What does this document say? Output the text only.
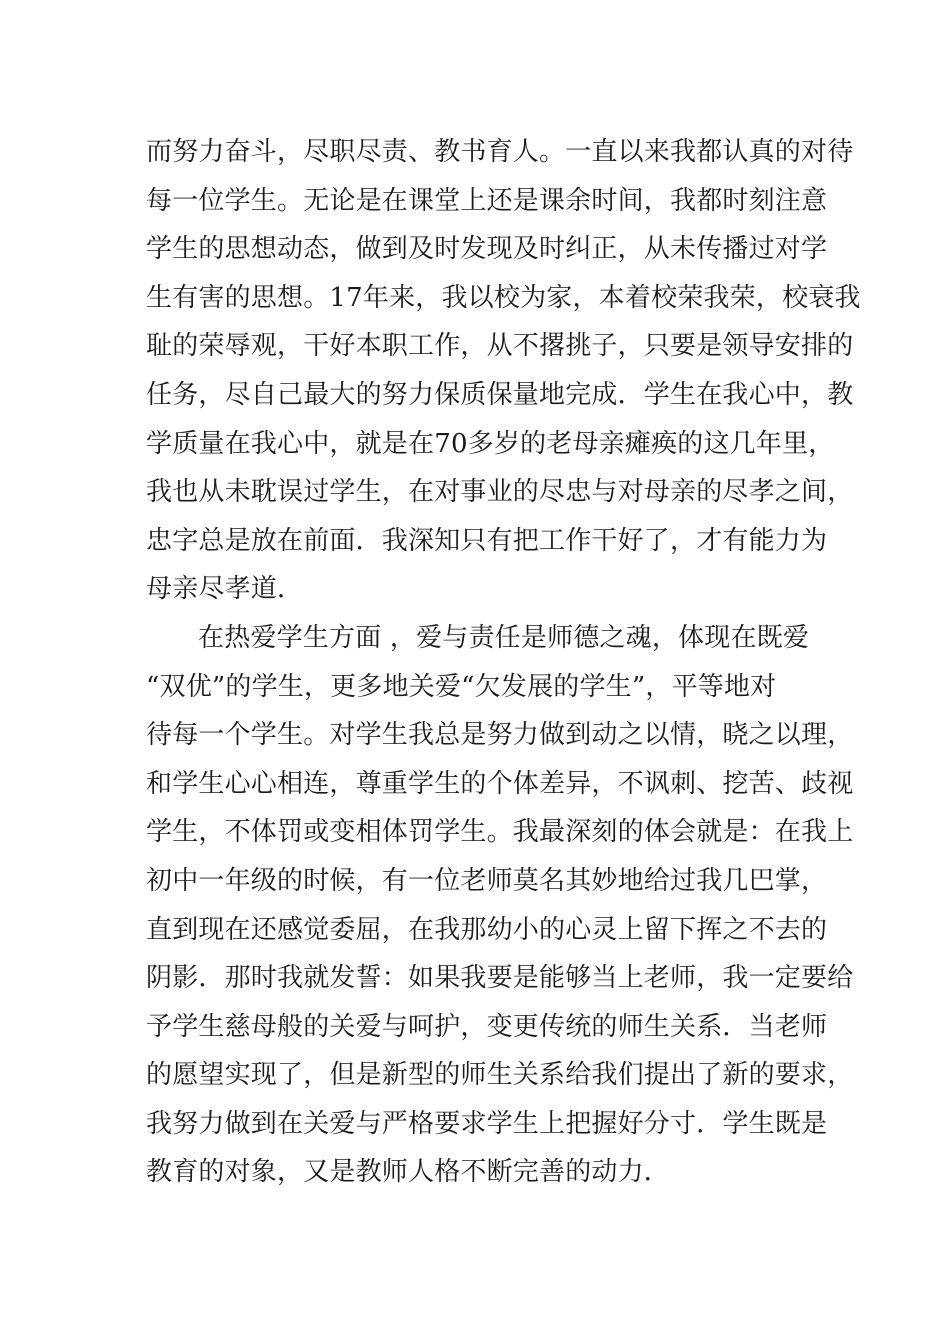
而努力奋斗，尽职尽责、教书育人。一直以来我都认真的对待
每一位学生。无论是在课堂上还是课余时间，我都时刻注意
学生的思想动态，做到及时发现及时纠正，从未传播过对学
生有害的思想。17年来，我以校为家，本着校荣我荣，校衰我
耻的荣辱观，干好本职工作，从不撂挑子，只要是领导安排的
任务，尽自己最大的努力保质保量地完成．学生在我心中，教
学质量在我心中，就是在70多岁的老母亲瘫痪的这几年里，
我也从未耽误过学生，在对事业的尽忠与对母亲的尽孝之间，
忠字总是放在前面．我深知只有把工作干好了，才有能力为
母亲尽孝道．
在热爱学生方面 ，爱与责任是师德之魂，体现在既爱
“双优”的学生，更多地关爱“欠发展的学生”，平等地对
待每一个学生。对学生我总是努力做到动之以情，晓之以理，
和学生心心相连，尊重学生的个体差异，不讽刺、挖苦、歧视
学生，不体罚或变相体罚学生。我最深刻的体会就是：在我上
初中一年级的时候，有一位老师莫名其妙地给过我几巴掌，
直到现在还感觉委屈，在我那幼小的心灵上留下挥之不去的
阴影．那时我就发誓：如果我要是能够当上老师，我一定要给
予学生慈母般的关爱与呵护，变更传统的师生关系．当老师
的愿望实现了，但是新型的师生关系给我们提出了新的要求，
我努力做到在关爱与严格要求学生上把握好分寸．学生既是
教育的对象，又是教师人格不断完善的动力．
